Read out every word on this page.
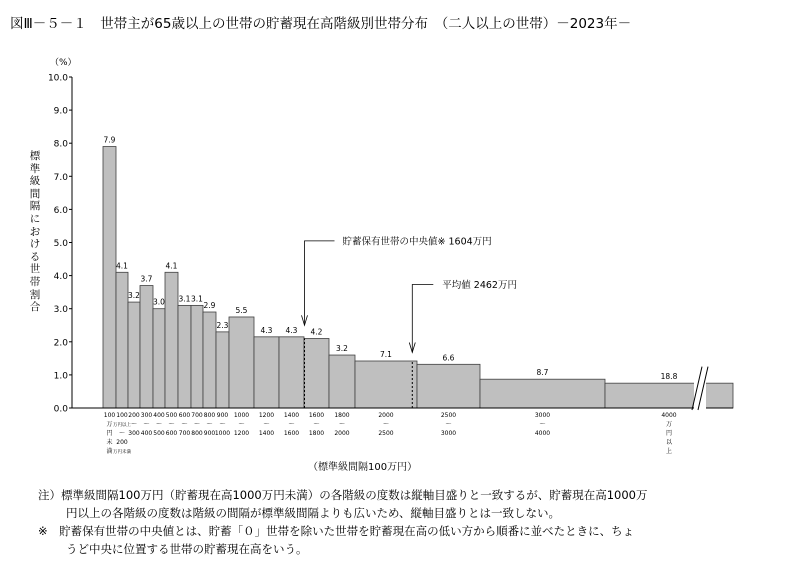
図Ⅲ－５－１　世帯主が65歳以上の世帯の貯蓄現在高階級別世帯分布　（二人以上の世帯）－2023年－
（%）
標準級間隔における世帯割合
（標準級間隔100万円）
0.0
1.0
2.0
3.0
4.0
5.0
6.0
7.0
8.0
9.0
10.0
7.9
4.1
3.2
3.7
3.0
4.1
3.1 3.1
2.9
2.3
5.5
4.3 4.3 4.2
3.2
7.1	6.6
8.7	18.8
100
万
円
未
満
100
万円以上
～
200
万円未満
200
～
300
300
～
400
400
～
500
500
～
600
600
～
700
700
～
800
800
～
900
900
～
1000
1000
～
1200
1200
～
1400
1400
～
1600
1600
～
1800
1800
～
2000
2000
～
2500
2500
～
3000
3000
～
4000
4000
万
円
以
上
貯蓄保有世帯の中央値※ 1604万円
平均値 2462万円
注）標準級間隔100万円（貯蓄現在高1000万円未満）の各階級の度数は縦軸目盛りと一致するが、貯蓄現在高1000万
円以上の各階級の度数は階級の間隔が標準級間隔よりも広いため、縦軸目盛りとは一致しない。
※　貯蓄保有世帯の中央値とは、貯蓄「０」世帯を除いた世帯を貯蓄現在高の低い方から順番に並べたときに、ちょ
うど中央に位置する世帯の貯蓄現在高をいう。
